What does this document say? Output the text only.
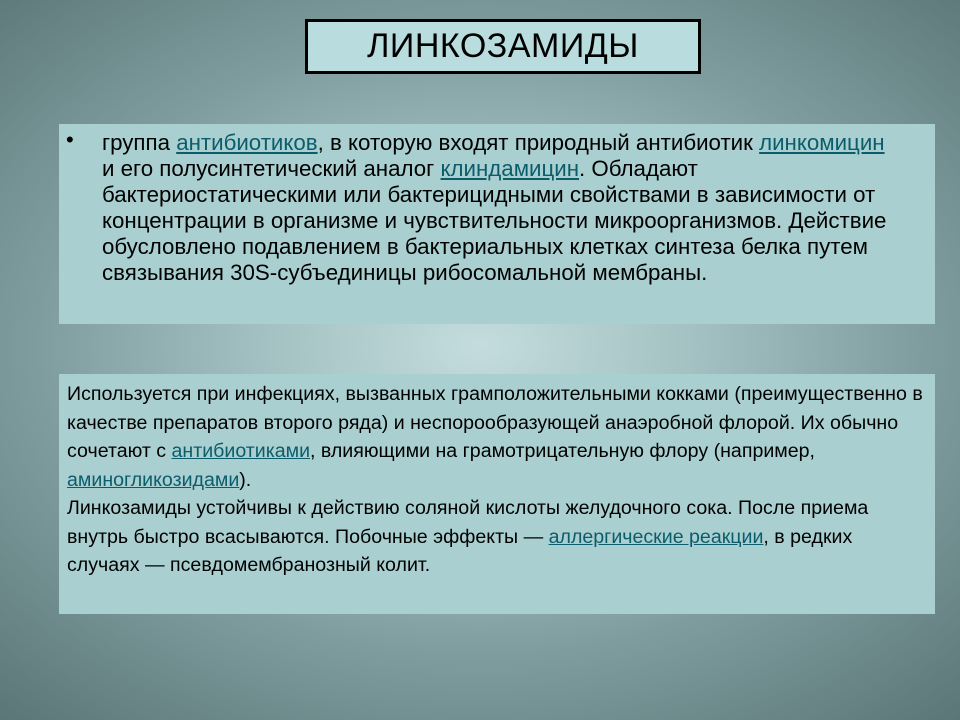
ЛИНКОЗАМИДЫ
• группа антибиотиков, в которую входят природный антибиотик линкомицин и его полусинтетический аналог клиндамицин. Обладают бактериостатическими или бактерицидными свойствами в зависимости от концентрации в организме и чувствительности микроорганизмов. Действие обусловлено подавлением в бактериальных клетках синтеза белка путем связывания 30S-субъединицы рибосомальной мембраны.
Используется при инфекциях, вызванных грамположительными кокками (преимущественно в качестве препаратов второго ряда) и неспорообразующей анаэробной флорой. Их обычно сочетают с антибиотиками, влияющими на грамотрицательную флору (например, аминогликозидами).
Линкозамиды устойчивы к действию соляной кислоты желудочного сока. После приема внутрь быстро всасываются. Побочные эффекты — аллергические реакции, в редких случаях — псевдомембранозный колит.
